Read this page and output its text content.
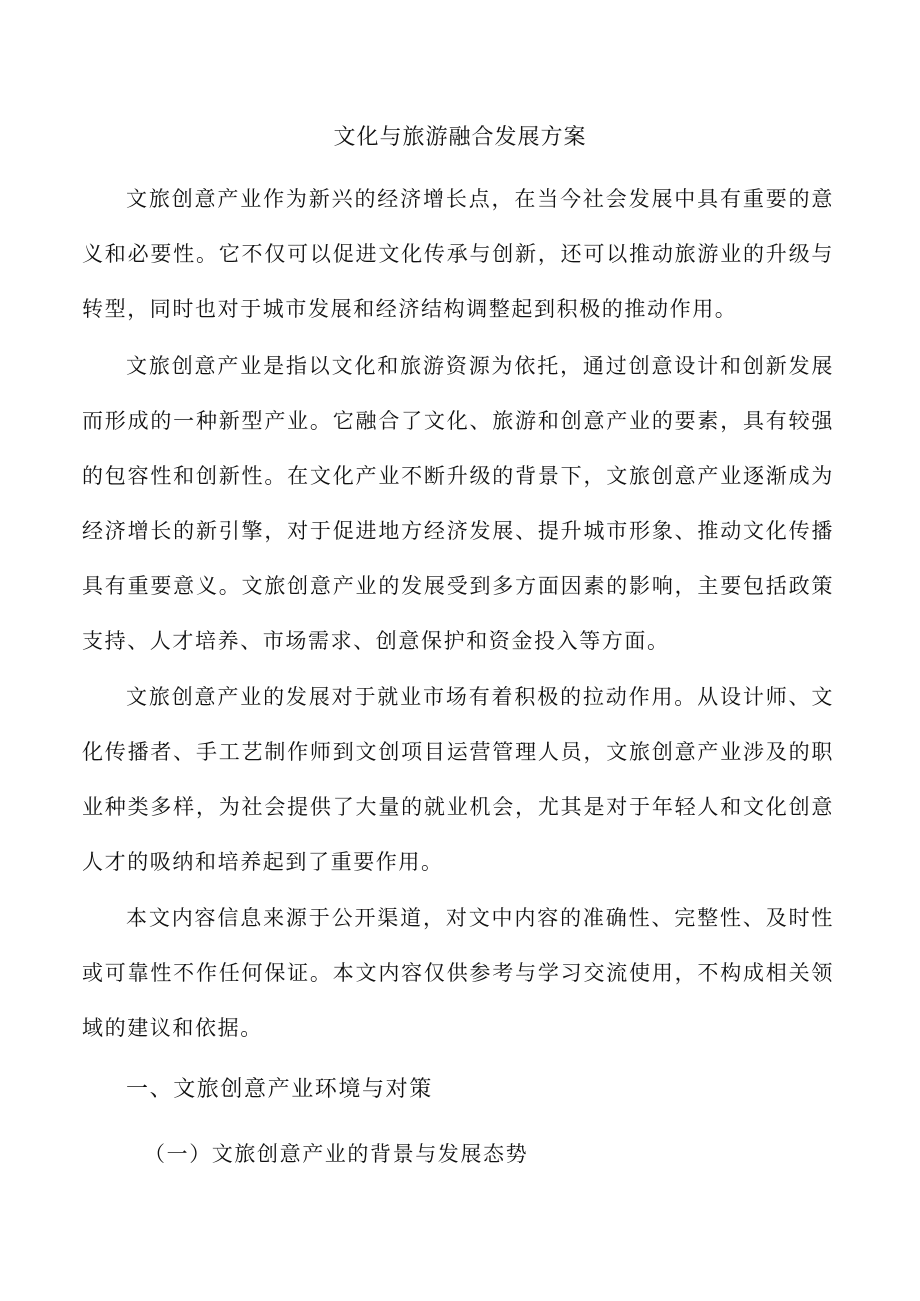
文化与旅游融合发展方案

文旅创意产业作为新兴的经济增长点，在当今社会发展中具有重要的意义和必要性。它不仅可以促进文化传承与创新，还可以推动旅游业的升级与转型，同时也对于城市发展和经济结构调整起到积极的推动作用。

文旅创意产业是指以文化和旅游资源为依托，通过创意设计和创新发展而形成的一种新型产业。它融合了文化、旅游和创意产业的要素，具有较强的包容性和创新性。在文化产业不断升级的背景下，文旅创意产业逐渐成为经济增长的新引擎，对于促进地方经济发展、提升城市形象、推动文化传播具有重要意义。文旅创意产业的发展受到多方面因素的影响，主要包括政策支持、人才培养、市场需求、创意保护和资金投入等方面。

文旅创意产业的发展对于就业市场有着积极的拉动作用。从设计师、文化传播者、手工艺制作师到文创项目运营管理人员，文旅创意产业涉及的职业种类多样，为社会提供了大量的就业机会，尤其是对于年轻人和文化创意人才的吸纳和培养起到了重要作用。

本文内容信息来源于公开渠道，对文中内容的准确性、完整性、及时性或可靠性不作任何保证。本文内容仅供参考与学习交流使用，不构成相关领域的建议和依据。

一、文旅创意产业环境与对策
（一）文旅创意产业的背景与发展态势
